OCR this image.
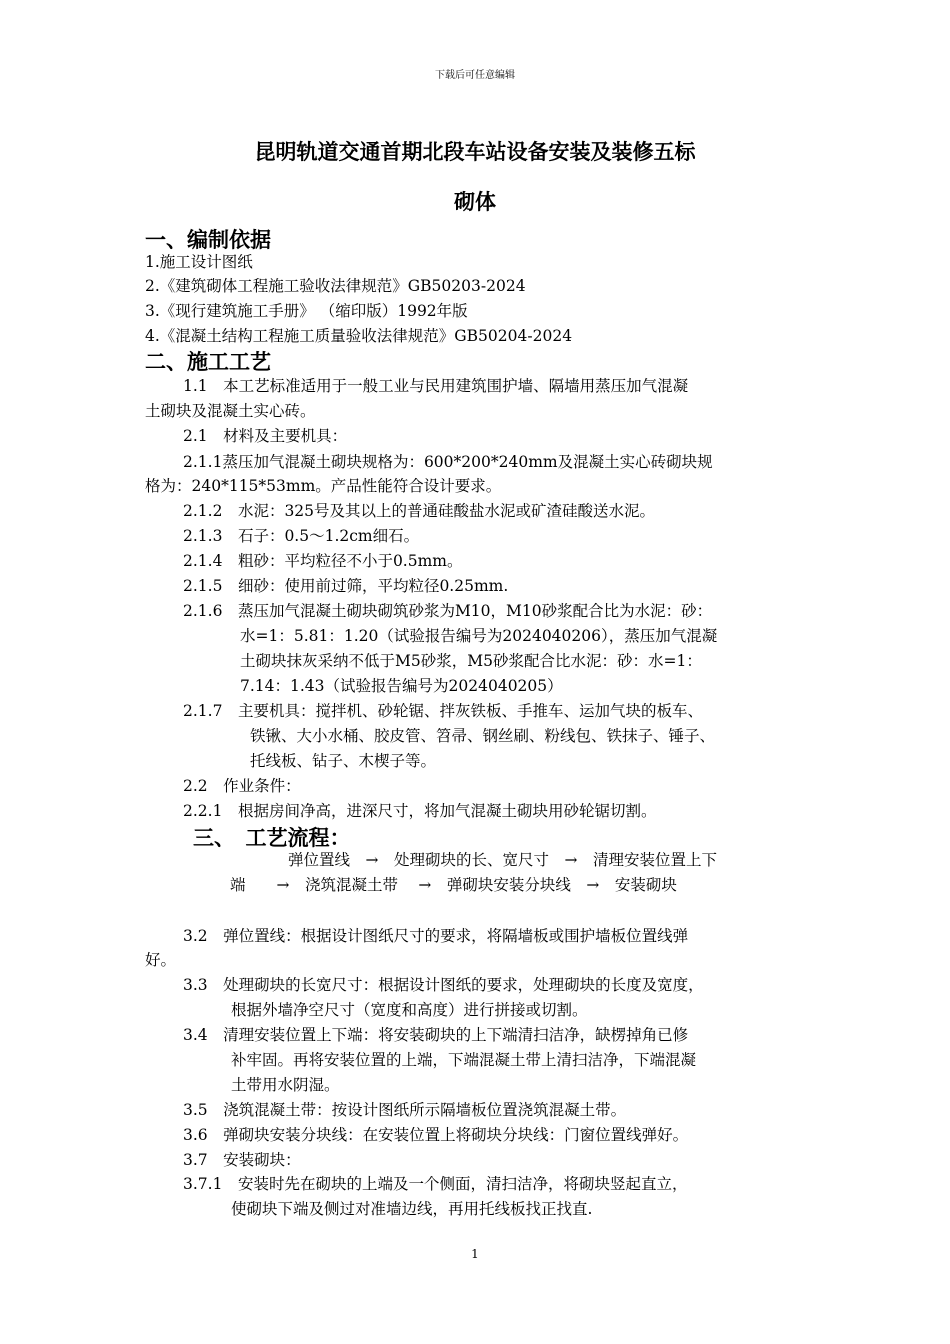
下载后可任意编辑
昆明轨道交通首期北段车站设备安装及装修五标
砌体
一、编制依据
1.施工设计图纸
2.《建筑砌体工程施工验收法律规范》GB50203-2024
3.《现行建筑施工手册》 （缩印版）1992年版
4.《混凝土结构工程施工质量验收法律规范》GB50204-2024
二、施工工艺
1.1　本工艺标准适用于一般工业与民用建筑围护墙、隔墙用蒸压加气混凝
土砌块及混凝土实心砖。
2.1　材料及主要机具：
2.1.1蒸压加气混凝土砌块规格为：600*200*240mm及混凝土实心砖砌块规
格为：240*115*53mm。产品性能符合设计要求。
2.1.2　水泥：325号及其以上的普通硅酸盐水泥或矿渣硅酸送水泥。
2.1.3　石子：0.5～1.2cm细石。
2.1.4　粗砂：平均粒径不小于0.5mm。
2.1.5　细砂：使用前过筛，平均粒径0.25mm.
2.1.6　蒸压加气混凝土砌块砌筑砂浆为M10，M10砂浆配合比为水泥：砂：
水=1：5.81：1.20（试验报告编号为2024040206），蒸压加气混凝
土砌块抹灰采纳不低于M5砂浆，M5砂浆配合比水泥：砂：水=1：
7.14：1.43（试验报告编号为2024040205）
2.1.7　主要机具：搅拌机、砂轮锯、拌灰铁板、手推车、运加气块的板车、
铁锹、大小水桶、胶皮管、笤帚、钢丝刷、粉线包、铁抹子、锤子、
托线板、钻子、木楔子等。
2.2　作业条件：
2.2.1　根据房间净高，进深尺寸，将加气混凝土砌块用砂轮锯切割。
三、　工艺流程：
弹位置线　→　处理砌块的长、宽尺寸　→　清理安装位置上下
端　　→　浇筑混凝土带　 →　弹砌块安装分块线　→　安装砌块
3.2　弹位置线：根据设计图纸尺寸的要求，将隔墙板或围护墙板位置线弹
好。
3.3　处理砌块的长宽尺寸：根据设计图纸的要求，处理砌块的长度及宽度，
根据外墙净空尺寸（宽度和高度）进行拼接或切割。
3.4　清理安装位置上下端：将安装砌块的上下端清扫洁净，缺楞掉角已修
补牢固。再将安装位置的上端，下端混凝土带上清扫洁净，下端混凝
土带用水阴湿。
3.5　浇筑混凝土带：按设计图纸所示隔墙板位置浇筑混凝土带。
3.6　弹砌块安装分块线：在安装位置上将砌块分块线：门窗位置线弹好。
3.7　安装砌块：
3.7.1　安装时先在砌块的上端及一个侧面，清扫洁净，将砌块竖起直立，
使砌块下端及侧过对准墙边线，再用托线板找正找直.
1
